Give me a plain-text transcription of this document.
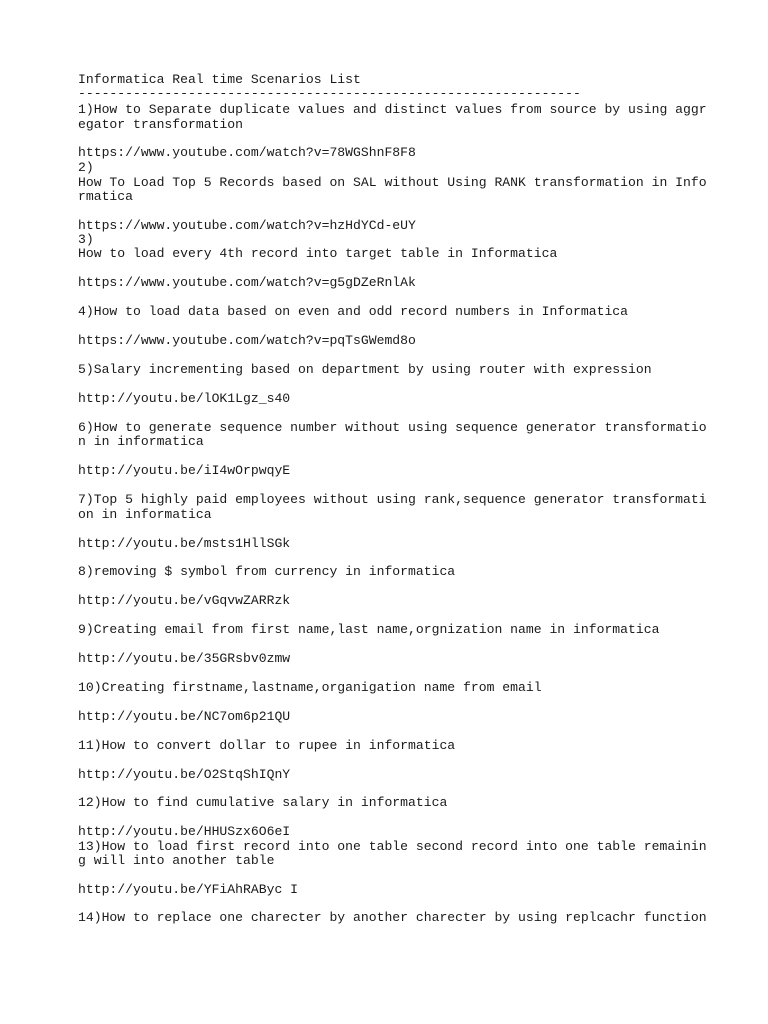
Informatica Real time Scenarios List
----------------------------------------------------------------
1)How to Separate duplicate values and distinct values from source by using aggr
egator transformation
https://www.youtube.com/watch?v=78WGShnF8F8
2)
How To Load Top 5 Records based on SAL without Using RANK transformation in Info
rmatica
https://www.youtube.com/watch?v=hzHdYCd-eUY
3)
How to load every 4th record into target table in Informatica
https://www.youtube.com/watch?v=g5gDZeRnlAk
4)How to load data based on even and odd record numbers in Informatica
https://www.youtube.com/watch?v=pqTsGWemd8o
5)Salary incrementing based on department by using router with expression
http://youtu.be/lOK1Lgz_s40
6)How to generate sequence number without using sequence generator transformatio
n in informatica
http://youtu.be/iI4wOrpwqyE
7)Top 5 highly paid employees without using rank,sequence generator transformati
on in informatica
http://youtu.be/msts1HllSGk
8)removing $ symbol from currency in informatica
http://youtu.be/vGqvwZARRzk
9)Creating email from first name,last name,orgnization name in informatica
http://youtu.be/35GRsbv0zmw
10)Creating firstname,lastname,organigation name from email
http://youtu.be/NC7om6p21QU
11)How to convert dollar to rupee in informatica
http://youtu.be/O2StqShIQnY
12)How to find cumulative salary in informatica
http://youtu.be/HHUSzx6O6eI
13)How to load first record into one table second record into one table remainin
g will into another table
http://youtu.be/YFiAhRAByc I
14)How to replace one charecter by another charecter by using replcachr function
